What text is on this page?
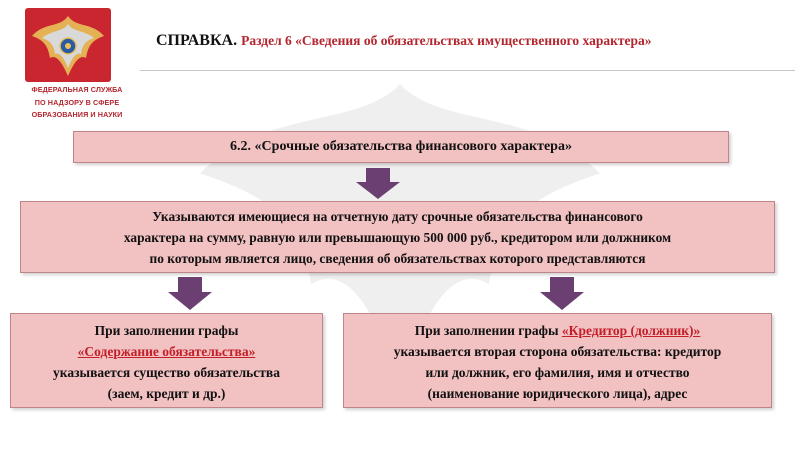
ФЕДЕРАЛЬНАЯ СЛУЖБА
ПО НАДЗОРУ В СФЕРЕ
ОБРАЗОВАНИЯ И НАУКИ
СПРАВКА. Раздел 6 «Сведения об обязательствах имущественного характера»
6.2. «Срочные обязательства финансового характера»
Указываются имеющиеся на отчетную дату срочные обязательства финансового
характера на сумму, равную или превышающую 500 000 руб., кредитором или должником
по которым является лицо, сведения об обязательствах которого представляются
При заполнении графы
«Содержание обязательства»
указывается существо обязательства
(заем, кредит и др.)
При заполнении графы «Кредитор (должник)»
указывается вторая сторона обязательства: кредитор
или должник, его фамилия, имя и отчество
(наименование юридического лица), адрес
